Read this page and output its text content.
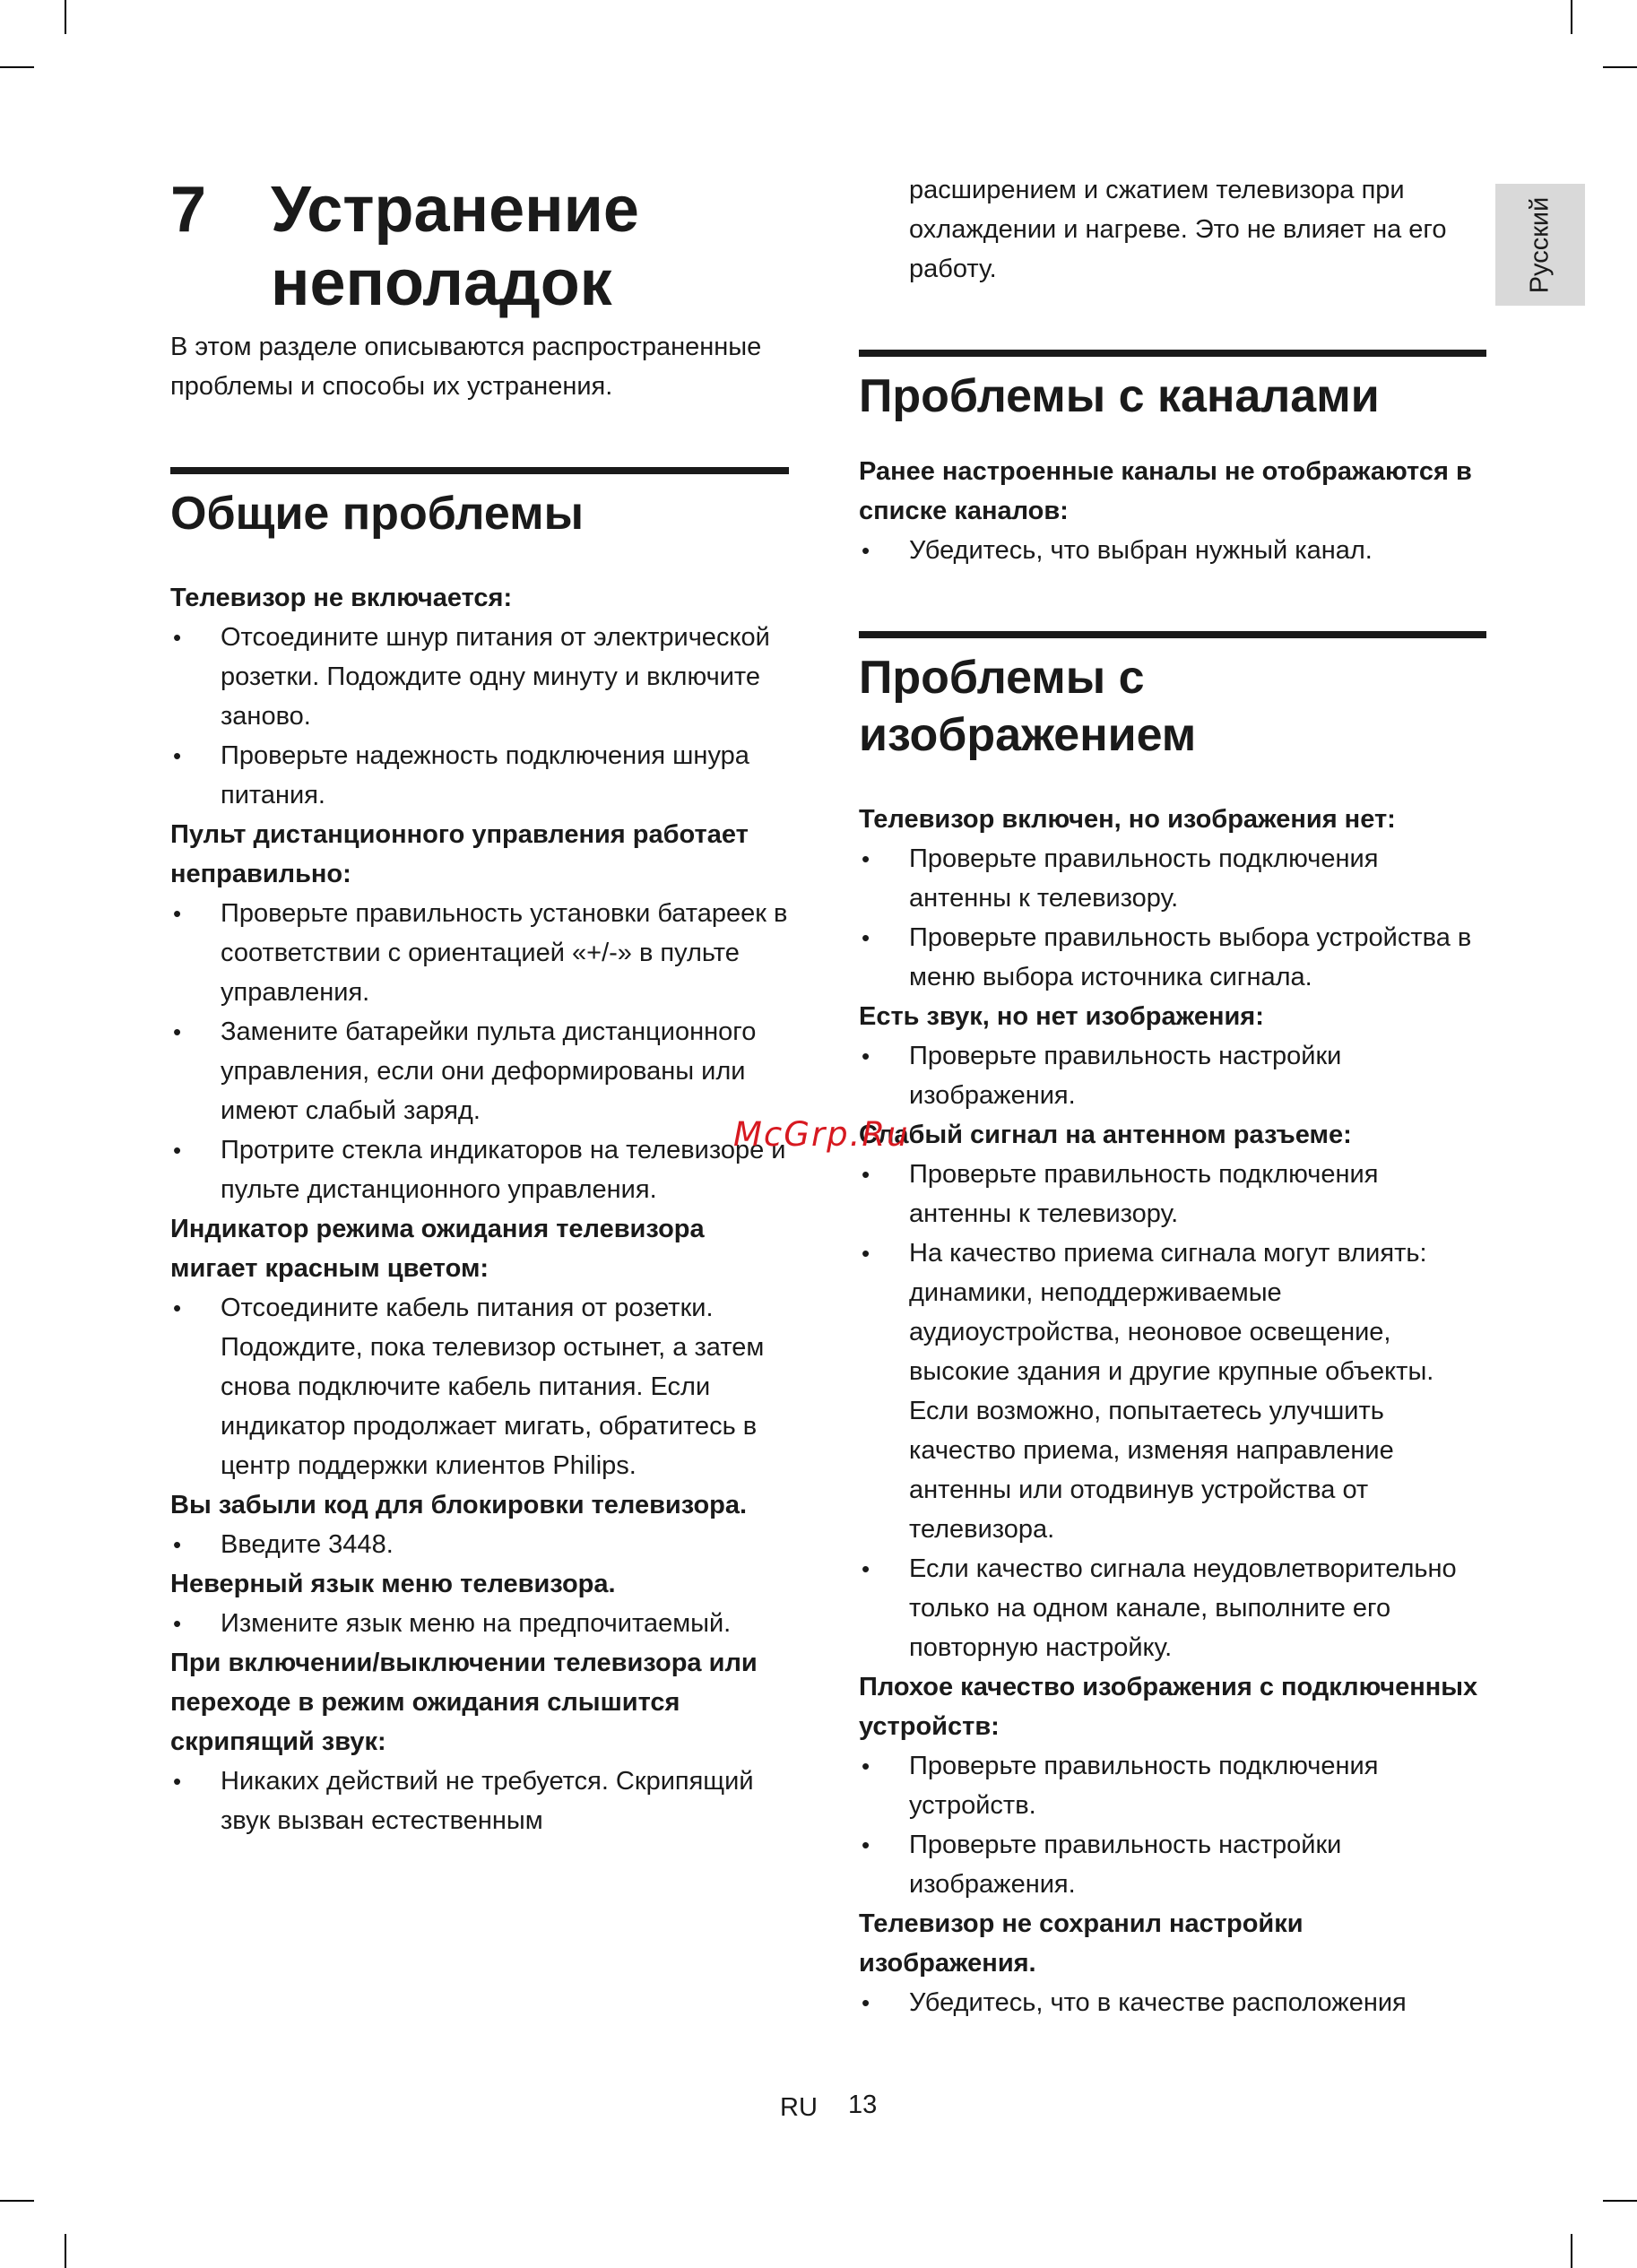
Русский
7 Устранение
неполадок

В этом разделе описываются распространенные проблемы и способы их устранения.

Общие проблемы

Телевизор не включается:

• Отсоедините шнур питания от электрической розетки. Подождите одну минуту и включите заново.
• Проверьте надежность подключения шнура питания.

Пульт дистанционного управления работает неправильно:

• Проверьте правильность установки батареек в соответствии с ориентацией «+/-» в пульте управления.
• Замените батарейки пульта дистанционного управления, если они деформированы или имеют слабый заряд.
• Протрите стекла индикаторов на телевизоре и пульте дистанционного управления.

Индикатор режима ожидания телевизора мигает красным цветом:

• Отсоедините кабель питания от розетки. Подождите, пока телевизор остынет, а затем снова подключите кабель питания. Если индикатор продолжает мигать, обратитесь в центр поддержки клиентов Philips.

Вы забыли код для блокировки телевизора.

• Введите 3448.

Неверный язык меню телевизора.

• Измените язык меню на предпочитаемый.

При включении/выключении телевизора или переходе в режим ожидания слышится скрипящий звук:

• Никаких действий не требуется. Скрипящий звук вызван естественным

расширением и сжатием телевизора при охлаждении и нагреве. Это не влияет на его работу.

Проблемы с каналами

Ранее настроенные каналы не отображаются в списке каналов:

• Убедитесь, что выбран нужный канал.
Проблемы с
изображением

Телевизор включен, но изображения нет:

• Проверьте правильность подключения антенны к телевизору.
• Проверьте правильность выбора устройства в меню выбора источника сигнала.

Есть звук, но нет изображения:

• Проверьте правильность настройки изображения.

Слабый сигнал на антенном разъеме:

• Проверьте правильность подключения антенны к телевизору.
• На качество приема сигнала могут влиять: динамики, неподдерживаемые аудиоустройства, неоновое освещение, высокие здания и другие крупные объекты. Если возможно, попытаетесь улучшить качество приема, изменяя направление антенны или отодвинув устройства от телевизора.
• Если качество сигнала неудовлетворительно только на одном канале, выполните его повторную настройку.

Плохое качество изображения с подключенных устройств:

• Проверьте правильность подключения устройств.
• Проверьте правильность настройки изображения.

Телевизор не сохранил настройки изображения.

• Убедитесь, что в качестве расположения
McGrp.Ru
RU 13
